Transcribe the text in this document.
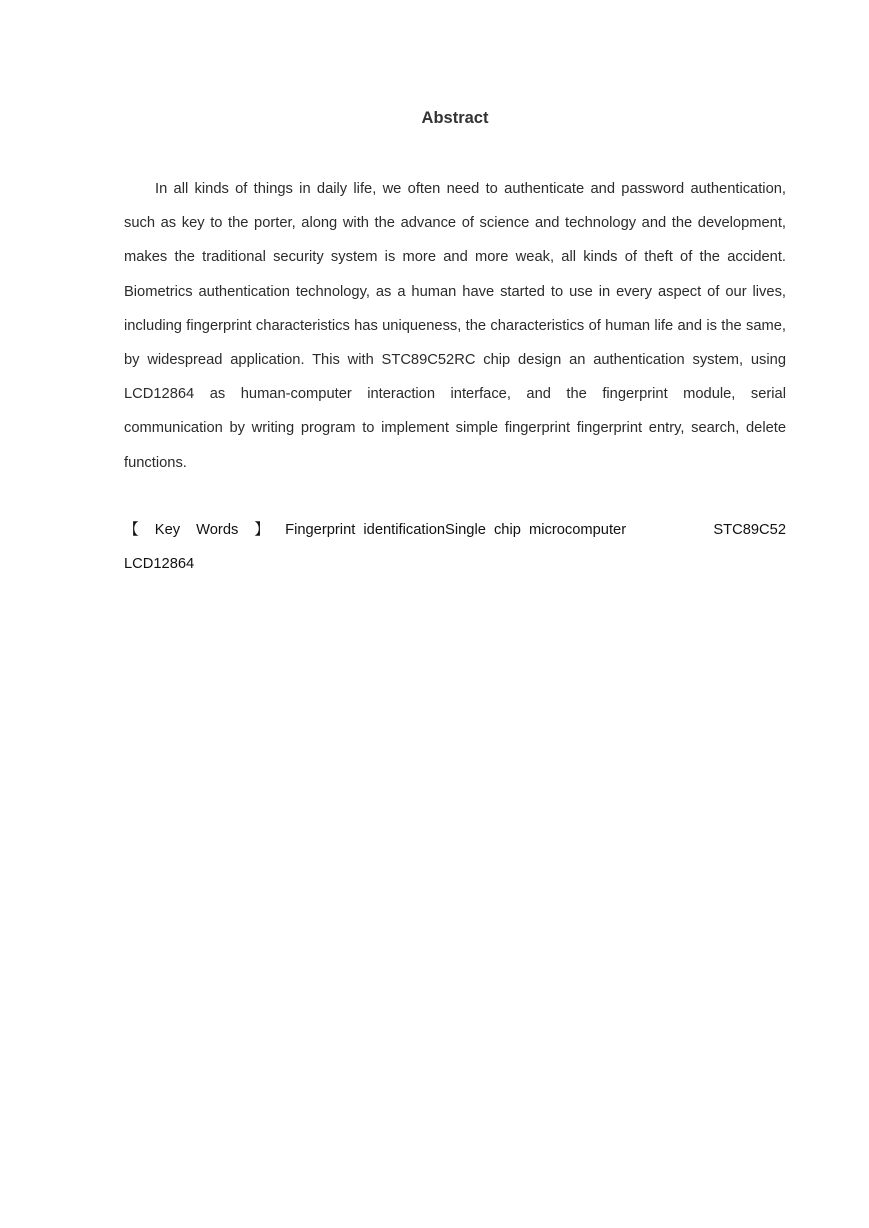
Abstract

In all kinds of things in daily life, we often need to authenticate and password authentication, such as key to the porter, along with the advance of science and technology and the development, makes the traditional security system is more and more weak, all kinds of theft of the accident. Biometrics authentication technology, as a human have started to use in every aspect of our lives, including fingerprint characteristics has uniqueness, the characteristics of human life and is the same, by widespread application. This with STC89C52RC chip design an authentication system, using LCD12864 as human-computer interaction interface, and the fingerprint module, serial communication by writing program to implement simple fingerprint fingerprint entry, search, delete functions.

【 Key Words 】 Fingerprint identificationSingle chip microcomputer	STC89C52
LCD12864
